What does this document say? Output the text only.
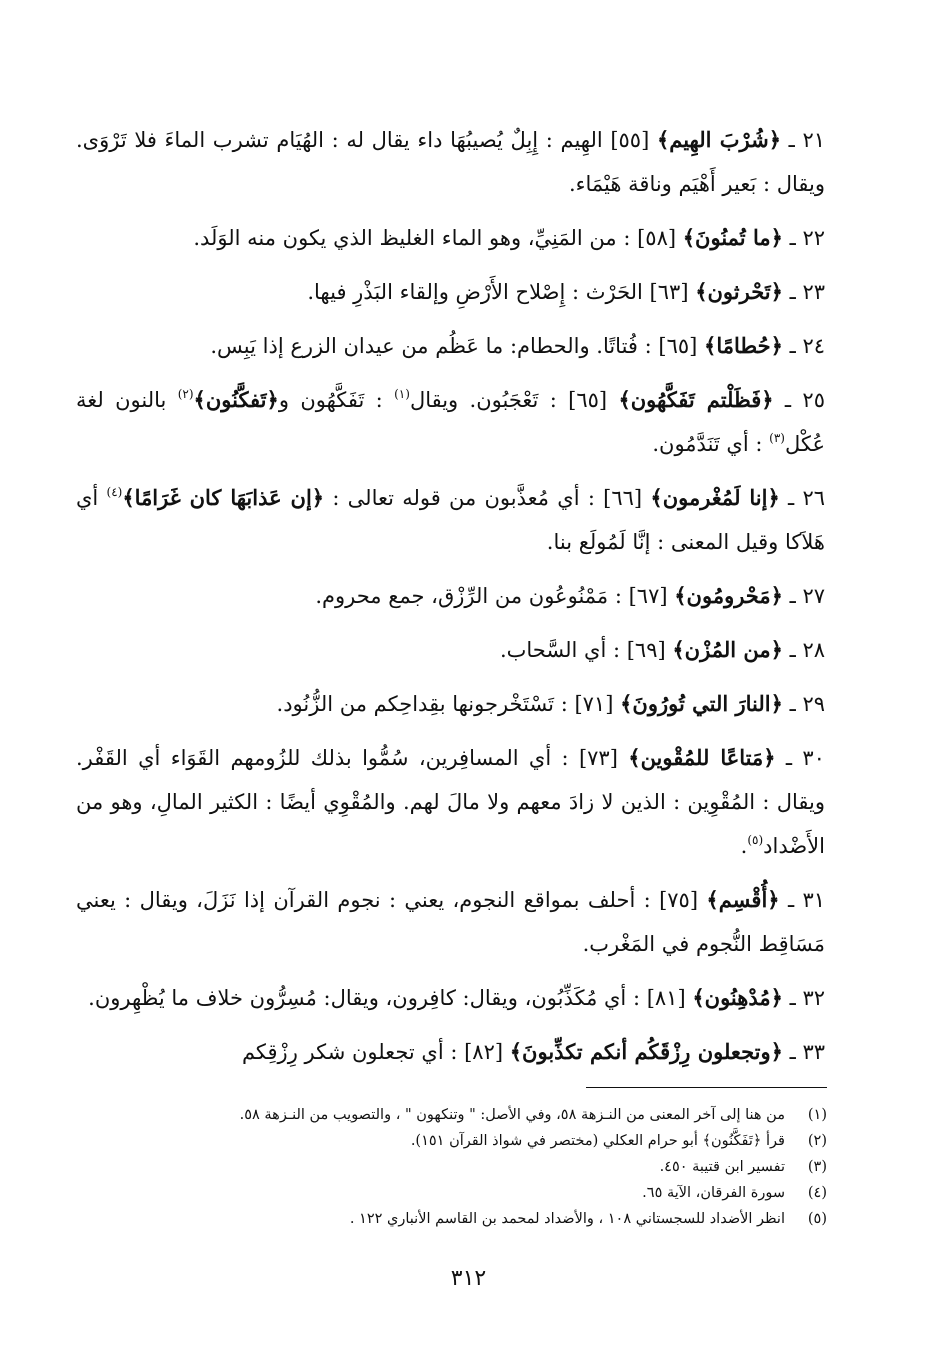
٢١ ـ ﴿شُرْبَ الهِيم﴾ [٥٥] الهِيم : إِبِلٌ يُصيبُهَا داء يقال له : الهُيَام تشرب الماءَ فلا تَرْوَى. ويقال : بَعير أَهْيَم وناقة هَيْمَاء.

٢٢ ـ ﴿ما تُمنُونَ﴾ [٥٨] : من المَنِيِّ، وهو الماء الغليظ الذي يكون منه الوَلَد.

٢٣ ـ ﴿تَحْرثون﴾ [٦٣] الحَرْث : إِصْلاح الأَرْضِ وإلقاء البَذْرِ فيها.

٢٤ ـ ﴿حُطامًا﴾ [٦٥] : فُتاتًا. والحطام: ما عَظُم من عيدان الزرع إذا يَبِس.

٢٥ ـ ﴿فَظَلْتم تَفَكَّهُون﴾ [٦٥] : تَعْجَبُون. ويقال$^{(١)}$ : تَفَكَّهُون و﴿تَفكَّنُون﴾$^{(٢)}$ بالنون لغة عُكْل$^{(٣)}$ : أي تَنَدَّمُون.

٢٦ ـ ﴿إنا لَمُغْرمون﴾ [٦٦] : أي مُعذَّبون من قوله تعالى : ﴿إن عَذابَهَا كان غَرَامًا﴾$^{(٤)}$ أي هَلاَكا وقيل المعنى : إنَّا لَمُولَع بنا.

٢٧ ـ ﴿مَحْرومُون﴾ [٦٧] : مَمْنُوعُون من الرِّزْق، جمع محروم.

٢٨ ـ ﴿من المُزْن﴾ [٦٩] : أي السَّحاب.

٢٩ ـ ﴿النارَ التي تُورُونَ﴾ [٧١] : تَسْتَخْرجونها بقِداحِكم من الزُّنُود.

٣٠ ـ ﴿مَتاعًا للمُقْوين﴾ [٧٣] : أي المسافِرين، سُمُّوا بذلك للزُومهم القَوَاء أي القَفْر. ويقال : المُقْوِين : الذين لا زادَ معهم ولا مالَ لهم. والمُقْوِي أيضًا : الكثير المالِ، وهو من الأَضْداد$^{(٥)}$.

٣١ ـ ﴿أُقْسِم﴾ [٧٥] : أحلف بمواقع النجوم، يعني : نجوم القرآن إذا نَزَلَ، ويقال : يعني مَسَاقِط النُّجوم في المَغْرب.

٣٢ ـ ﴿مُدْهِنُون﴾ [٨١] : أي مُكَذِّبُون، ويقال: كافِرون، ويقال: مُسِرُّون خلاف ما يُظْهِرون.

٣٣ ـ ﴿وتجعلون رِزْقَكُم أنكم تكذِّبونَ﴾ [٨٢] : أي تجعلون شكر رِزْقِكم

(١)
من هنا إلى آخر المعنى من النـزهة ٥٨، وفي الأصل: " وتنكهون " ، والتصويب من النـزهة ٥٨.
(٢)
قرأ ﴿تَفَكَّنُون﴾ أبو حرام العكلي (مختصر في شواذ القرآن ١٥١).
(٣)
تفسير ابن قتيبة ٤٥٠.
(٤)
سورة الفرقان، الآية ٦٥.
(٥)
انظر الأضداد للسجستاني ١٠٨ ، والأضداد لمحمد بن القاسم الأنباري ١٢٢ .
٣١٢
